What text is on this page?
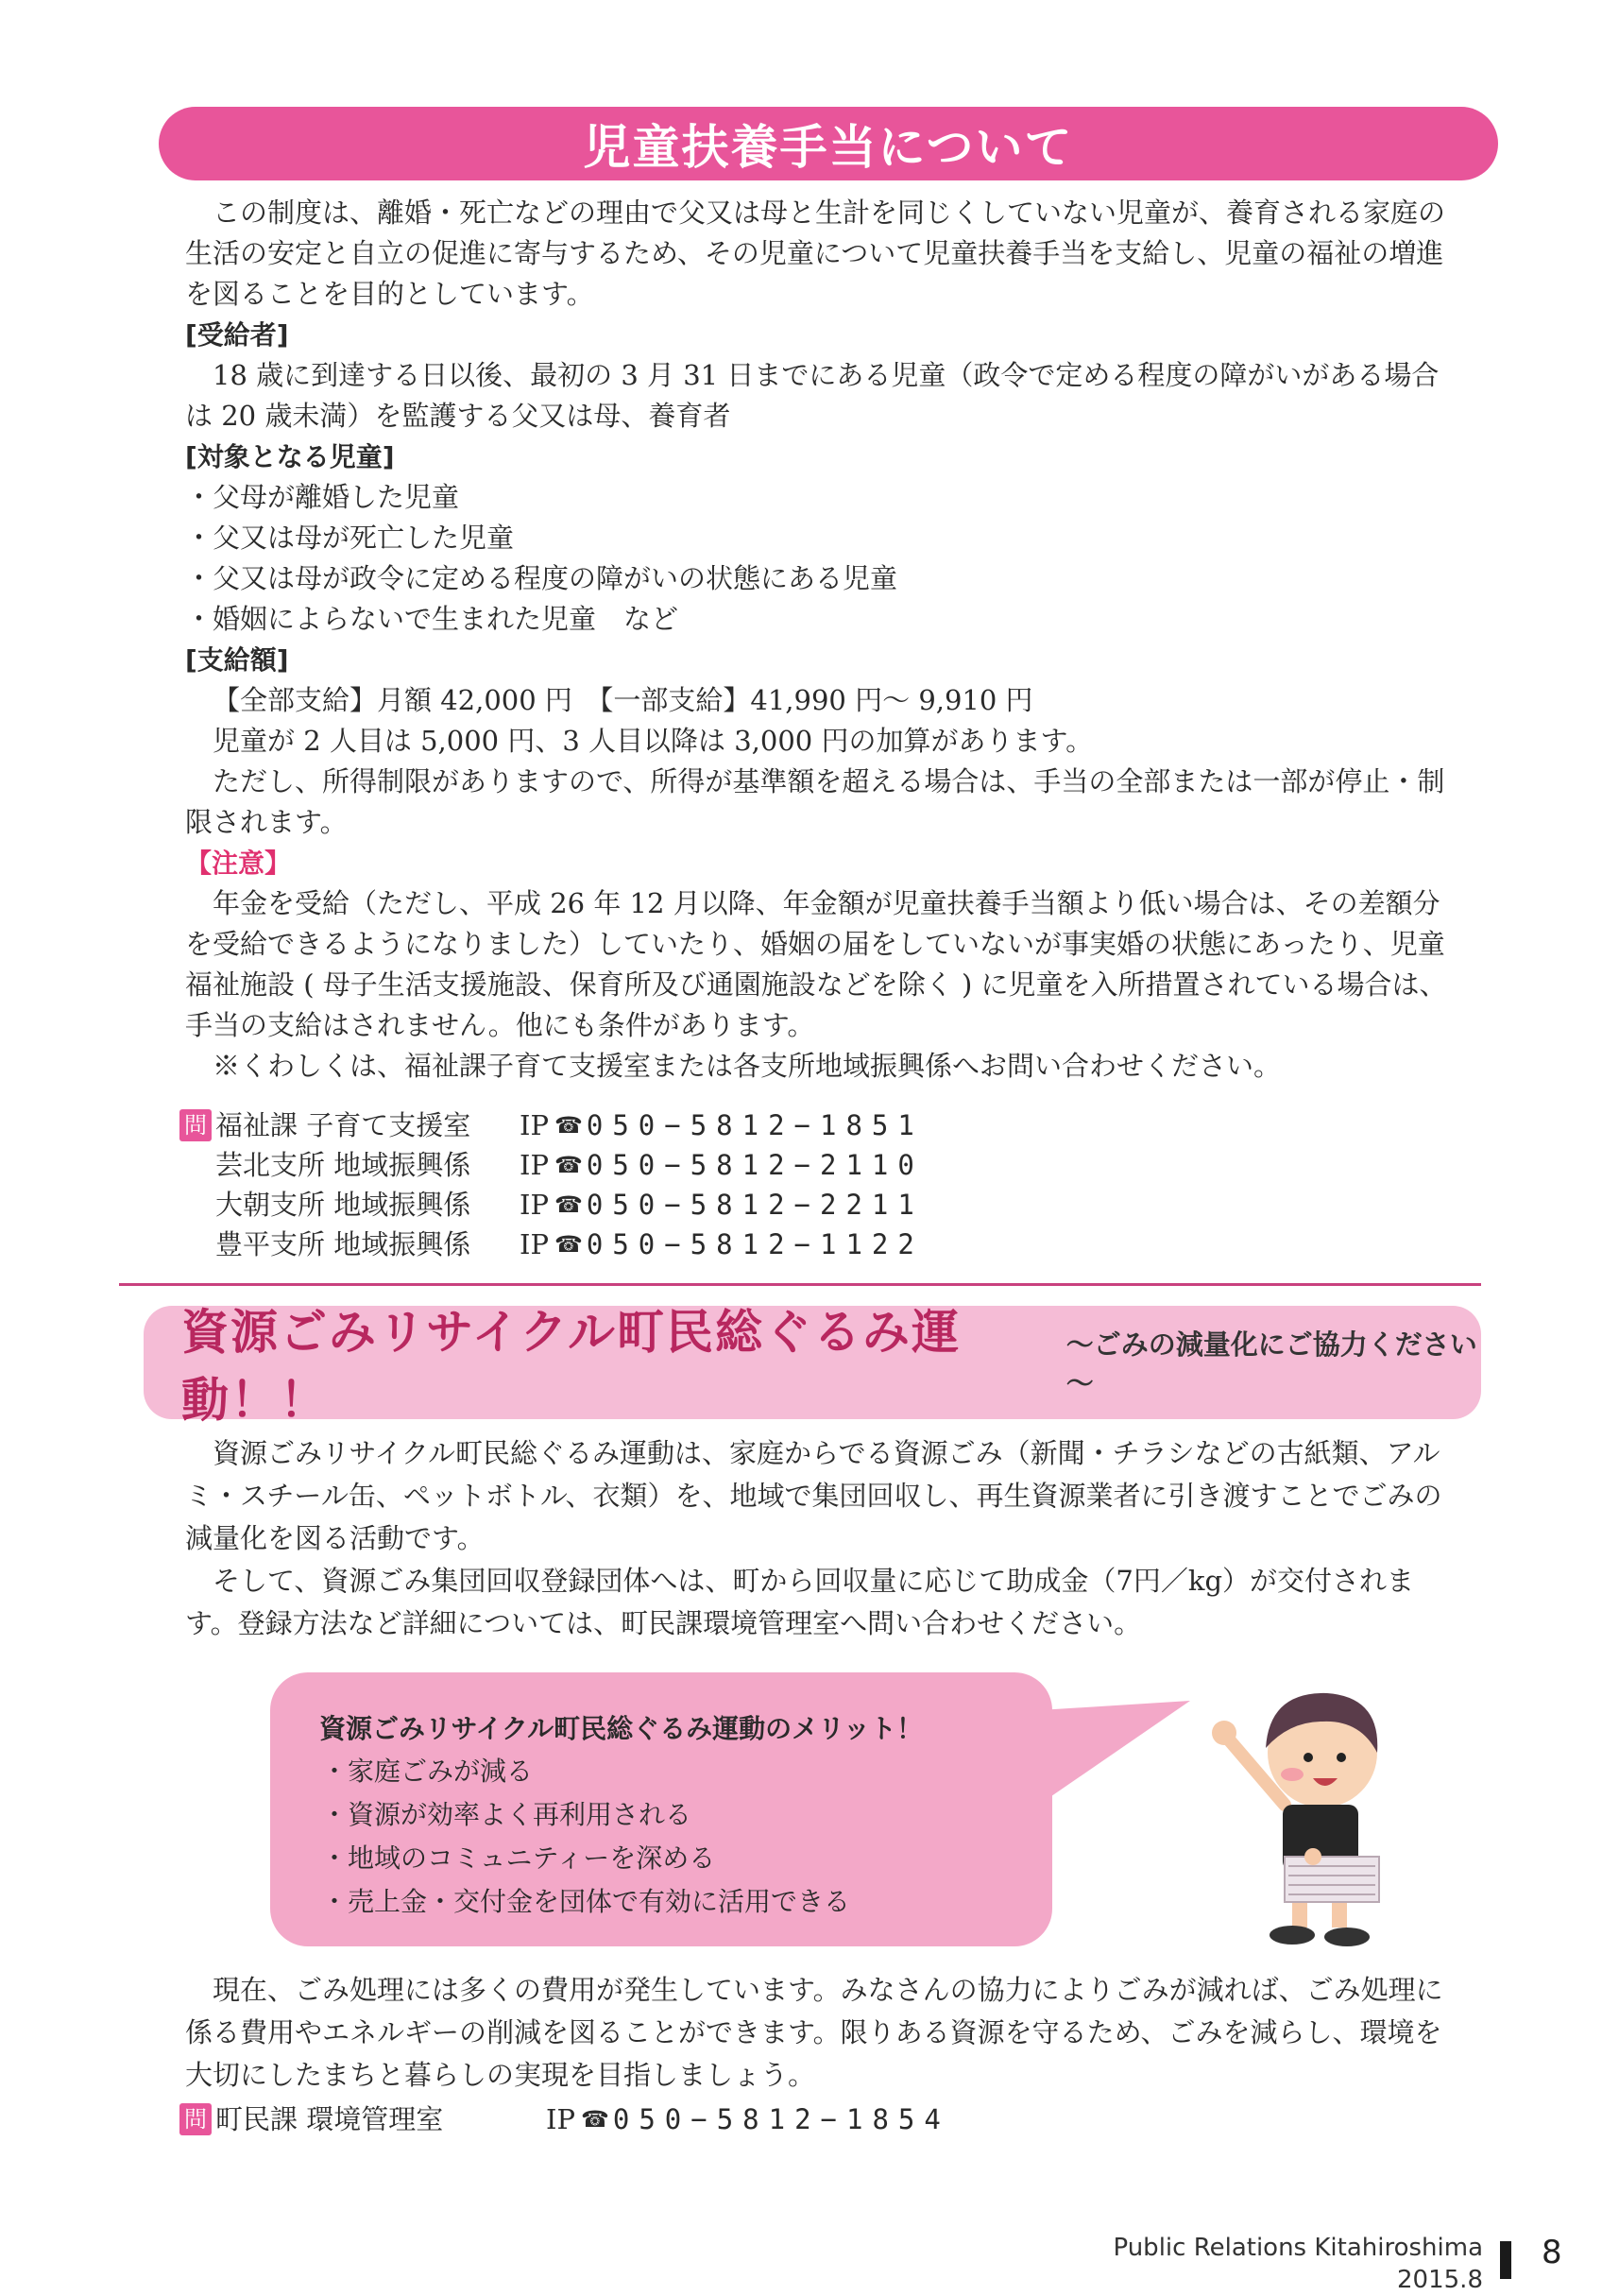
児童扶養手当について

この制度は、離婚・死亡などの理由で父又は母と生計を同じくしていない児童が、養育される家庭の生活の安定と自立の促進に寄与するため、その児童について児童扶養手当を支給し、児童の福祉の増進を図ることを目的としています。

[受給者]

18 歳に到達する日以後、最初の 3 月 31 日までにある児童（政令で定める程度の障がいがある場合は 20 歳未満）を監護する父又は母、養育者

[対象となる児童]
・父母が離婚した児童
・父又は母が死亡した児童
・父又は母が政令に定める程度の障がいの状態にある児童
・婚姻によらないで生まれた児童　など
[支給額]

【全部支給】月額 42,000 円　【一部支給】41,990 円～ 9,910 円

児童が 2 人目は 5,000 円、3 人目以降は 3,000 円の加算があります。

ただし、所得制限がありますので、所得が基準額を超える場合は、手当の全部または一部が停止・制限されます。

【注意】

年金を受給（ただし、平成 26 年 12 月以降、年金額が児童扶養手当額より低い場合は、その差額分を受給できるようになりました）していたり、婚姻の届をしていないが事実婚の状態にあったり、児童福祉施設 ( 母子生活支援施設、保育所及び通園施設などを除く ) に児童を入所措置されている場合は、手当の支給はされません。他にも条件があります。

※くわしくは、福祉課子育て支援室または各支所地域振興係へお問い合わせください。

問 福祉課 子育て支援室	IP ☎ 050−5812−1851
芸北支所 地域振興係	IP ☎ 050−5812−2110
大朝支所 地域振興係	IP ☎ 050−5812−2211
豊平支所 地域振興係	IP ☎ 050−5812−1122
資源ごみリサイクル町民総ぐるみ運動！！
～ごみの減量化にご協力ください～

資源ごみリサイクル町民総ぐるみ運動は、家庭からでる資源ごみ（新聞・チラシなどの古紙類、アルミ・スチール缶、ペットボトル、衣類）を、地域で集団回収し、再生資源業者に引き渡すことでごみの減量化を図る活動です。

そして、資源ごみ集団回収登録団体へは、町から回収量に応じて助成金（7円／kg）が交付されます。登録方法など詳細については、町民課環境管理室へ問い合わせください。

資源ごみリサイクル町民総ぐるみ運動のメリット！
・家庭ごみが減る
・資源が効率よく再利用される
・地域のコミュニティーを深める
・売上金・交付金を団体で有効に活用できる

現在、ごみ処理には多くの費用が発生しています。みなさんの協力によりごみが減れば、ごみ処理に係る費用やエネルギーの削減を図ることができます。限りある資源を守るため、ごみを減らし、環境を大切にしたまちと暮らしの実現を目指しましょう。

問 町民課 環境管理室	IP ☎ 050−5812−1854
Public Relations Kitahiroshima
2015.8
8
